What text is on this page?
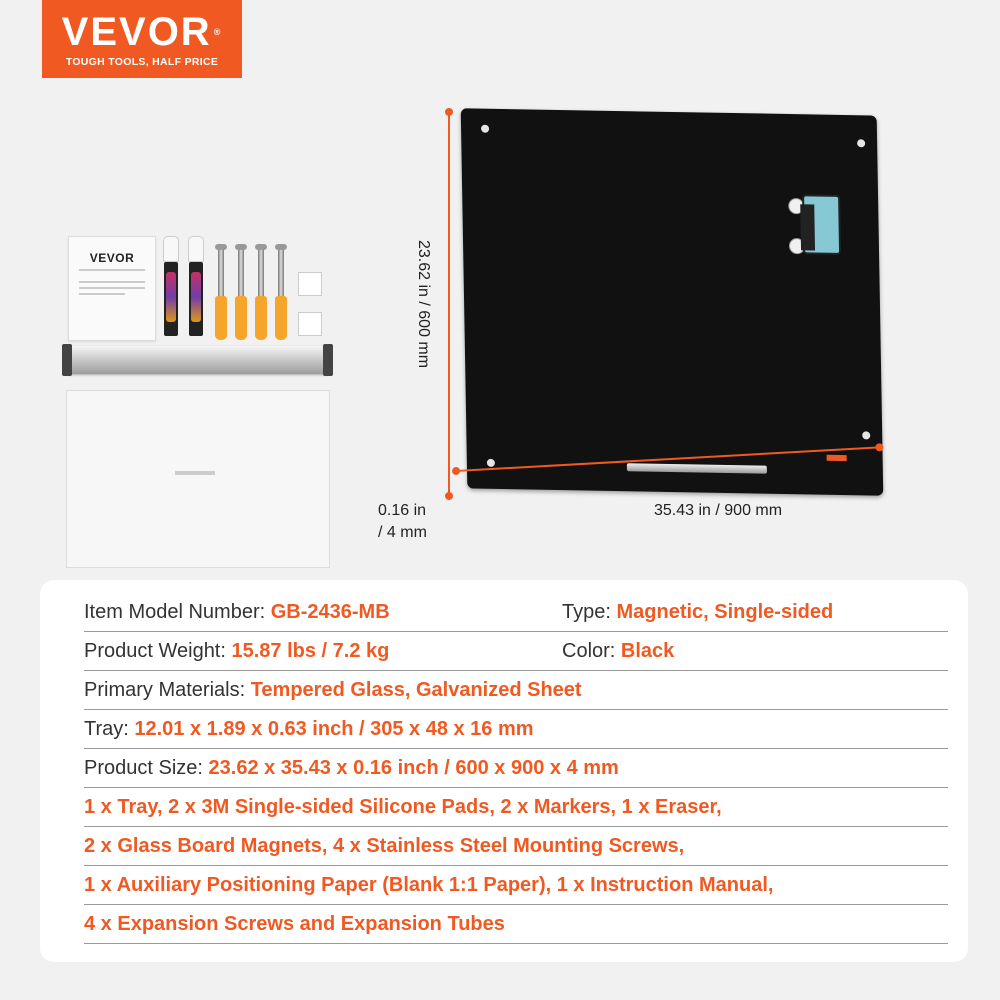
VEVOR ®
TOUGH TOOLS, HALF PRICE
VEVOR	23.62 in / 600 mm
35.43 in / 900 mm
0.16 in
/ 4 mm
Item Model Number: GB-2436-MB	Type: Magnetic, Single-sided
Product Weight: 15.87 lbs / 7.2 kg	Color: Black
Primary Materials: Tempered Glass, Galvanized Sheet
Tray: 12.01 x 1.89 x 0.63 inch / 305 x 48 x 16 mm
Product Size: 23.62 x 35.43 x 0.16 inch / 600 x 900 x 4 mm
1 x Tray, 2 x 3M Single-sided Silicone Pads, 2 x Markers, 1 x Eraser,
2 x Glass Board Magnets, 4 x Stainless Steel Mounting Screws,
1 x Auxiliary Positioning Paper (Blank 1:1 Paper), 1 x Instruction Manual,
4 x Expansion Screws and Expansion Tubes
